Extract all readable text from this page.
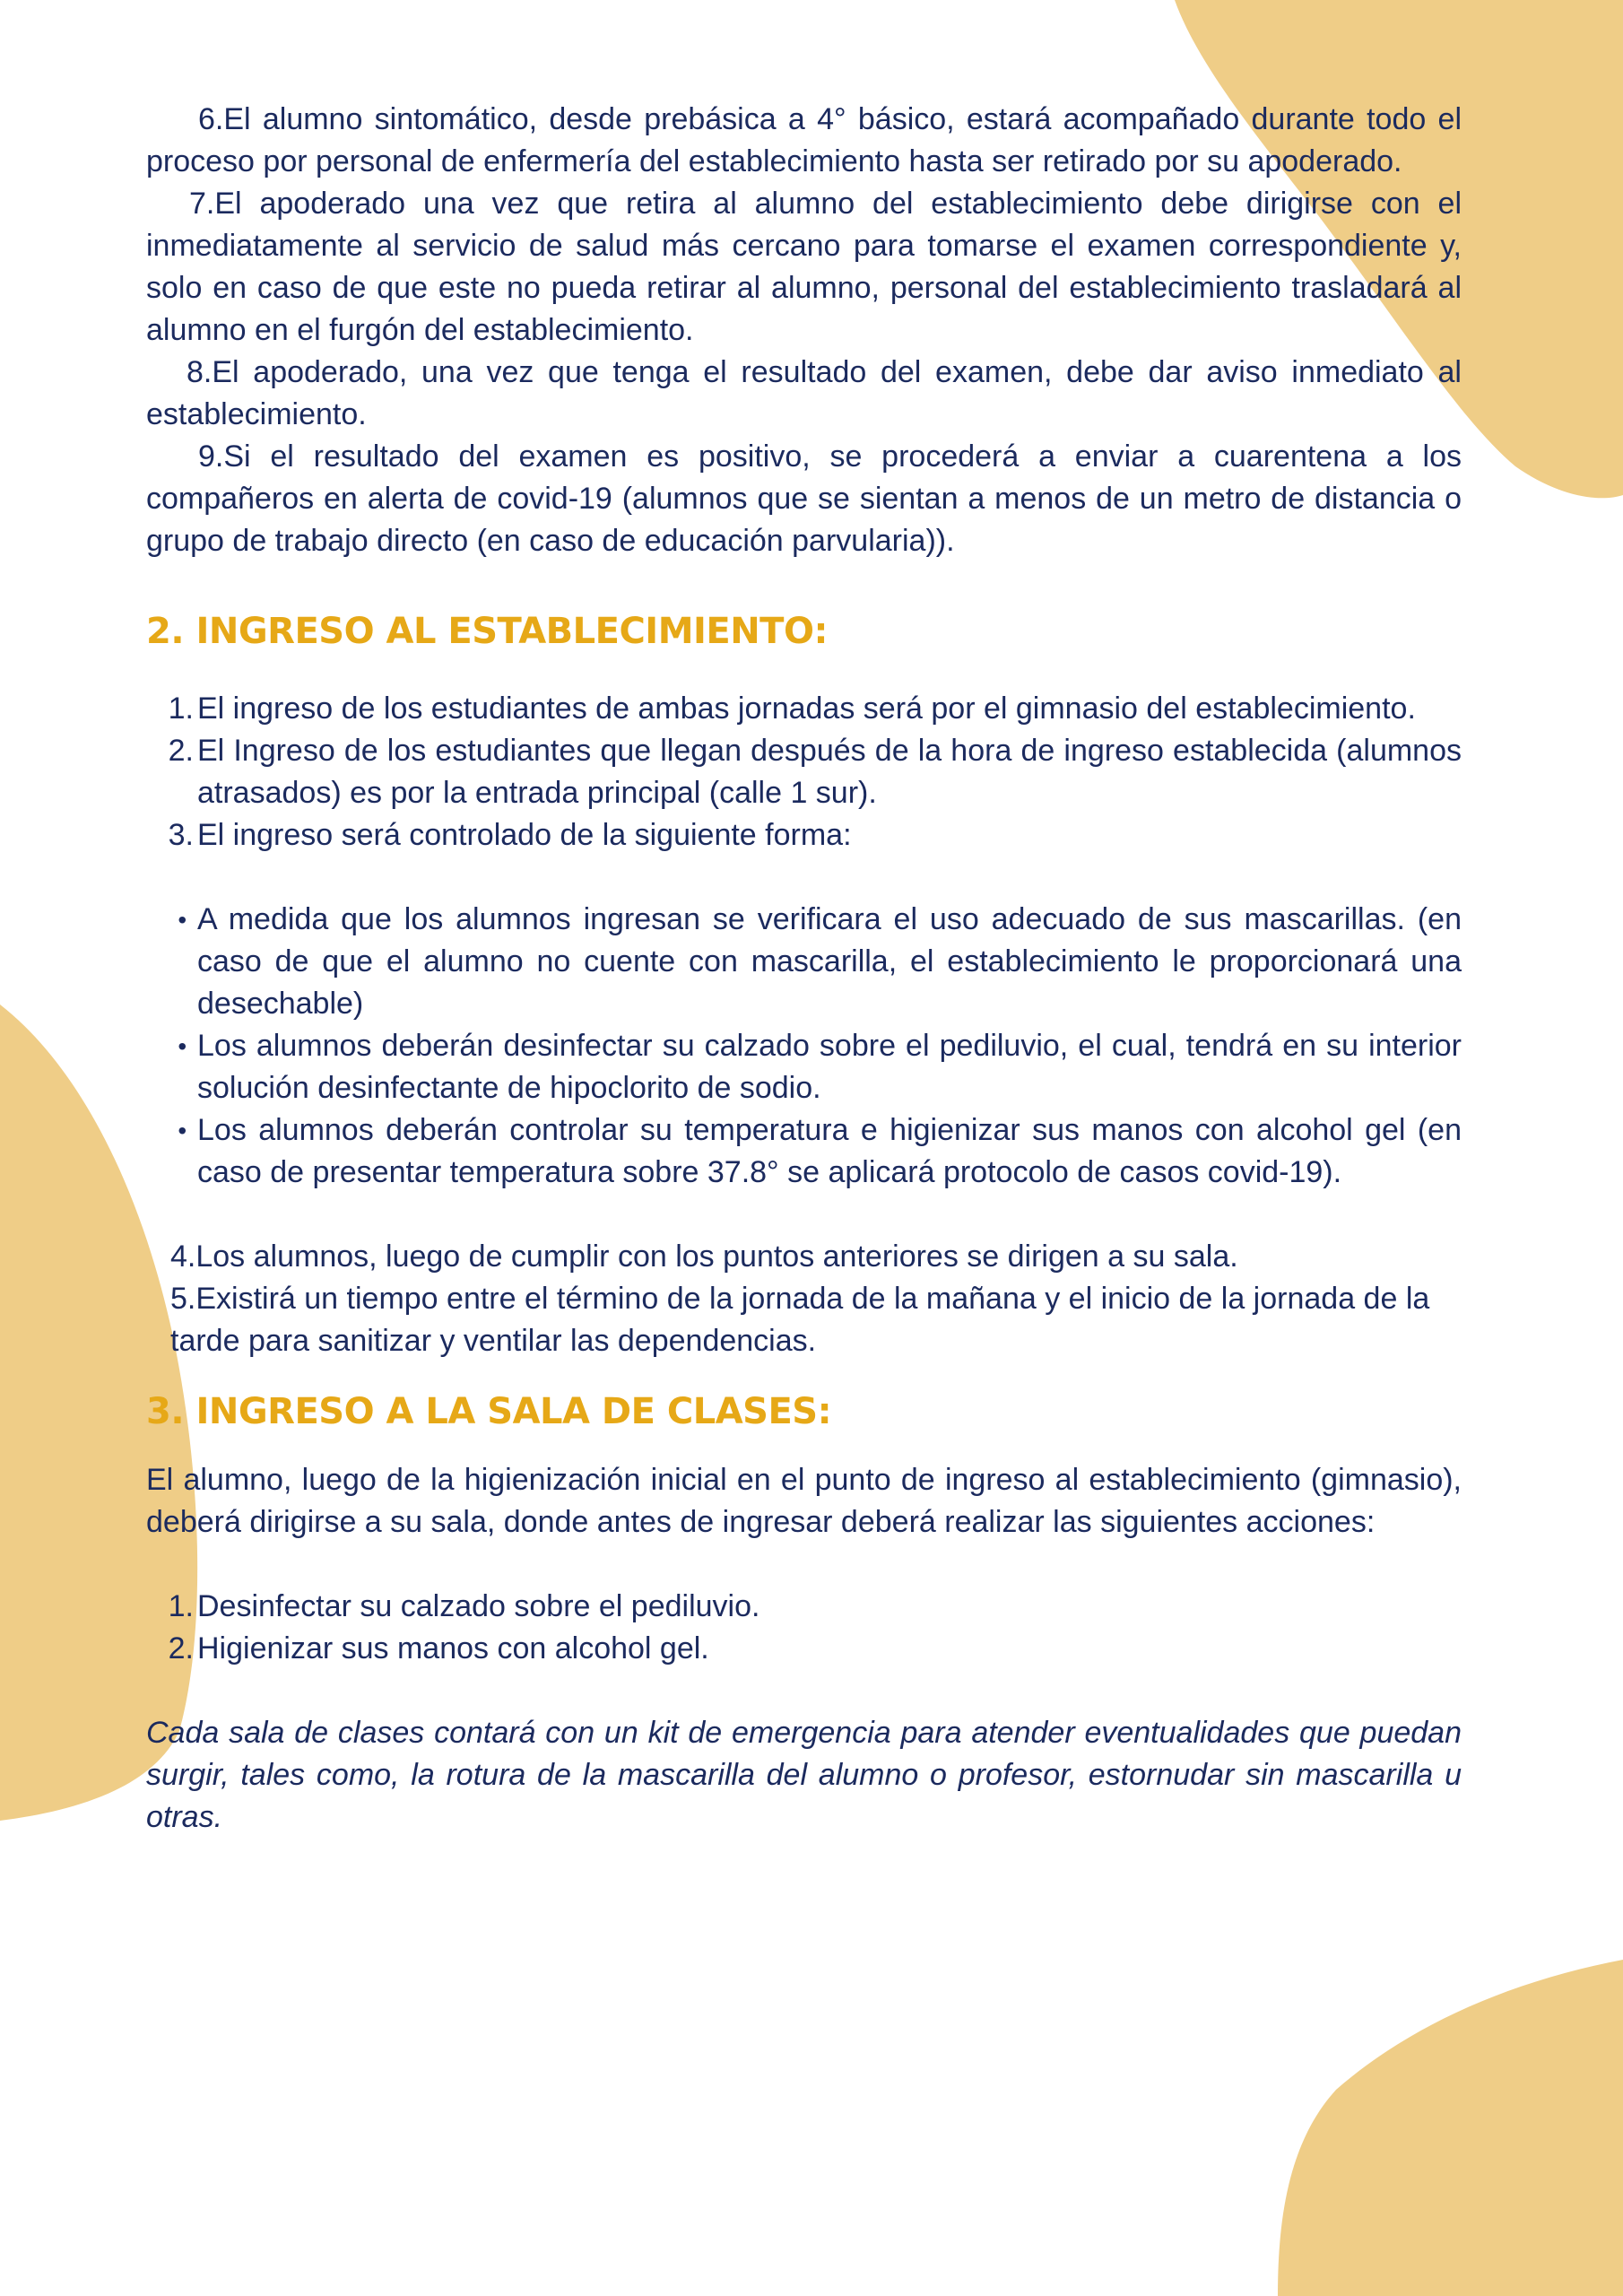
6.El alumno sintomático, desde prebásica a 4° básico, estará acompañado durante todo el proceso por personal de enfermería del establecimiento hasta ser retirado por su apoderado.

7.El apoderado una vez que retira al alumno del establecimiento debe dirigirse con el inmediatamente al servicio de salud más cercano para tomarse el examen correspondiente y, solo en caso de que este no pueda retirar al alumno, personal del establecimiento trasladará al alumno en el furgón del establecimiento.

8.El apoderado, una vez que tenga el resultado del examen, debe dar aviso inmediato al establecimiento.

9.Si el resultado del examen es positivo, se procederá a enviar a cuarentena a los compañeros en alerta de covid-19 (alumnos que se sientan a menos de un metro de distancia o grupo de trabajo directo (en caso de educación parvularia)).

2. INGRESO AL ESTABLECIMIENTO:
1. El ingreso de los estudiantes de ambas jornadas será por el gimnasio del establecimiento.
2. El Ingreso de los estudiantes que llegan después de la hora de ingreso establecida (alumnos atrasados) es por la entrada principal (calle 1 sur).
3. El ingreso será controlado de la siguiente forma:
• A medida que los alumnos ingresan se verificara el uso adecuado de sus mascarillas. (en caso de que el alumno no cuente con mascarilla, el establecimiento le proporcionará una desechable)
• Los alumnos deberán desinfectar su calzado sobre el pediluvio, el cual, tendrá en su interior solución desinfectante de hipoclorito de sodio.
• Los alumnos deberán controlar su temperatura e higienizar sus manos con alcohol gel (en caso de presentar temperatura sobre 37.8° se aplicará protocolo de casos covid-19).
4.Los alumnos, luego de cumplir con los puntos anteriores se dirigen a su sala.
5.Existirá un tiempo entre el término de la jornada de la mañana y el inicio de la jornada de la tarde para sanitizar y ventilar las dependencias.
3. INGRESO A LA SALA DE CLASES:

El alumno, luego de la higienización inicial en el punto de ingreso al establecimiento (gimnasio), deberá dirigirse a su sala, donde antes de ingresar deberá realizar las siguientes acciones:

1. Desinfectar su calzado sobre el pediluvio.
2. Higienizar sus manos con alcohol gel.

Cada sala de clases contará con un kit de emergencia para atender eventualidades que puedan surgir, tales como, la rotura de la mascarilla del alumno o profesor, estornudar sin mascarilla u otras.
